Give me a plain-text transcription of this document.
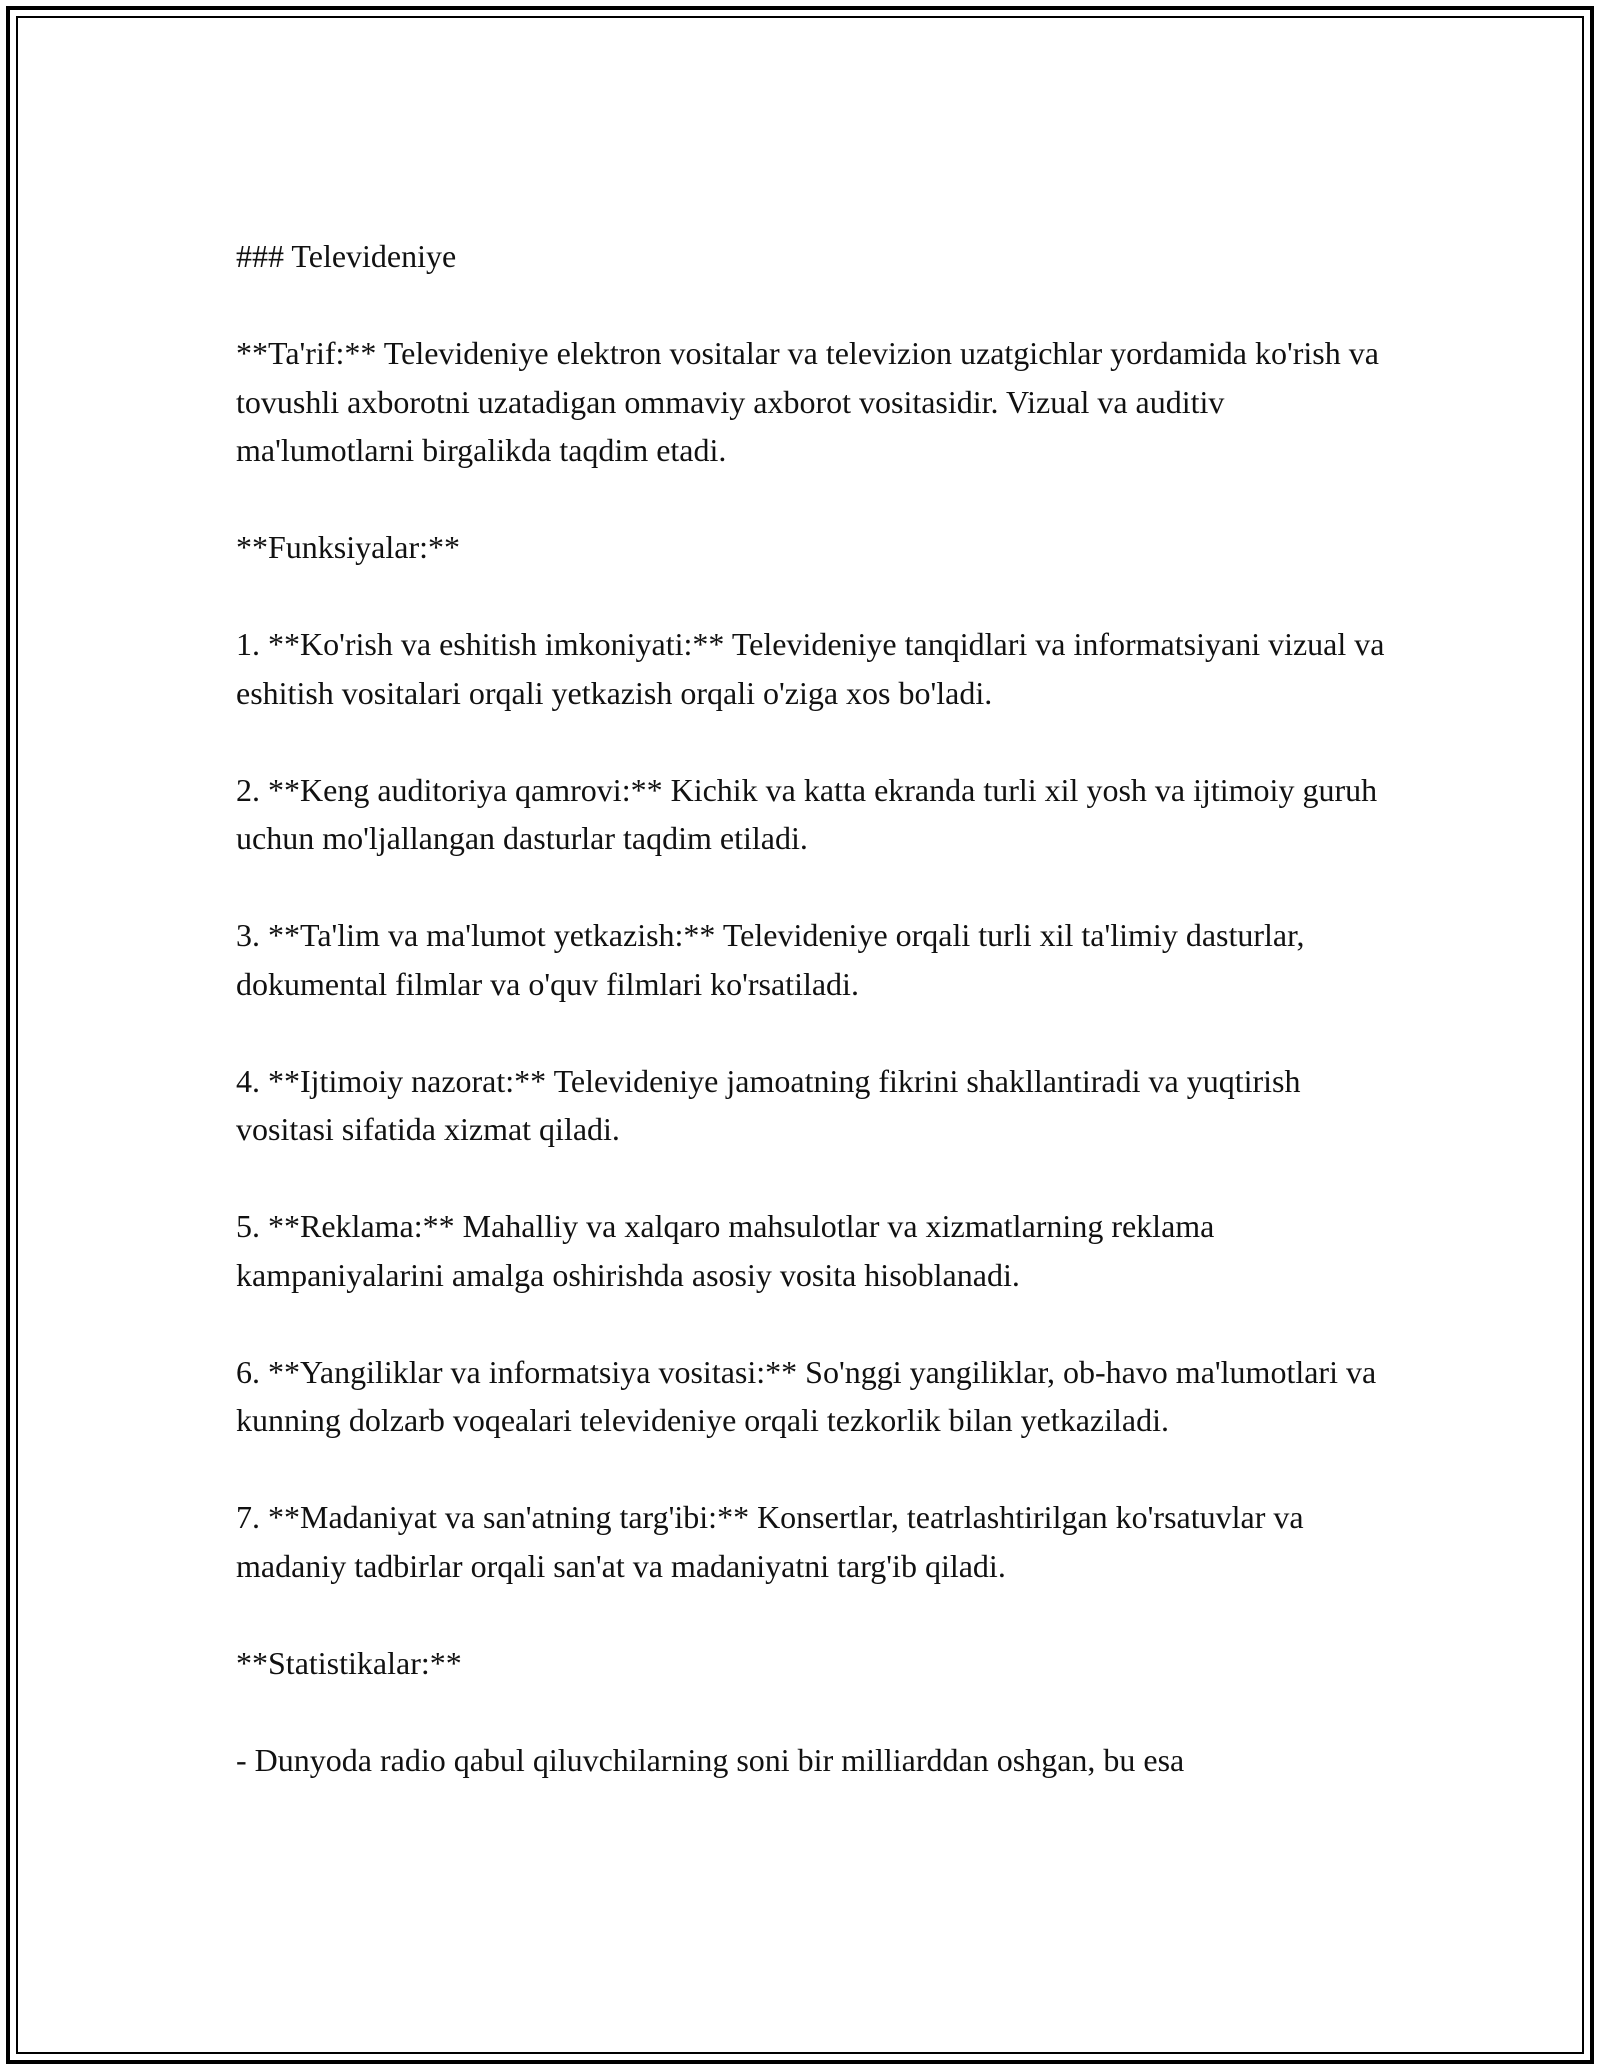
### Televideniye

**Ta'rif:** Televideniye elektron vositalar va televizion uzatgichlar yordamida ko'rish va tovushli axborotni uzatadigan ommaviy axborot vositasidir. Vizual va auditiv ma'lumotlarni birgalikda taqdim etadi.

**Funksiyalar:**

1. **Ko'rish va eshitish imkoniyati:** Televideniye tanqidlari va informatsiyani vizual va eshitish vositalari orqali yetkazish orqali o'ziga xos bo'ladi.

2. **Keng auditoriya qamrovi:** Kichik va katta ekranda turli xil yosh va ijtimoiy guruh uchun mo'ljallangan dasturlar taqdim etiladi.

3. **Ta'lim va ma'lumot yetkazish:** Televideniye orqali turli xil ta'limiy dasturlar, dokumental filmlar va o'quv filmlari ko'rsatiladi.

4. **Ijtimoiy nazorat:** Televideniye jamoatning fikrini shakllantiradi va yuqtirish vositasi sifatida xizmat qiladi.

5. **Reklama:** Mahalliy va xalqaro mahsulotlar va xizmatlarning reklama kampaniyalarini amalga oshirishda asosiy vosita hisoblanadi.

6. **Yangiliklar va informatsiya vositasi:** So'nggi yangiliklar, ob-havo ma'lumotlari va kunning dolzarb voqealari televideniye orqali tezkorlik bilan yetkaziladi.

7. **Madaniyat va san'atning targ'ibi:** Konsertlar, teatrlashtirilgan ko'rsatuvlar va madaniy tadbirlar orqali san'at va madaniyatni targ'ib qiladi.

**Statistikalar:**

- Dunyoda radio qabul qiluvchilarning soni bir milliarddan oshgan, bu esa
